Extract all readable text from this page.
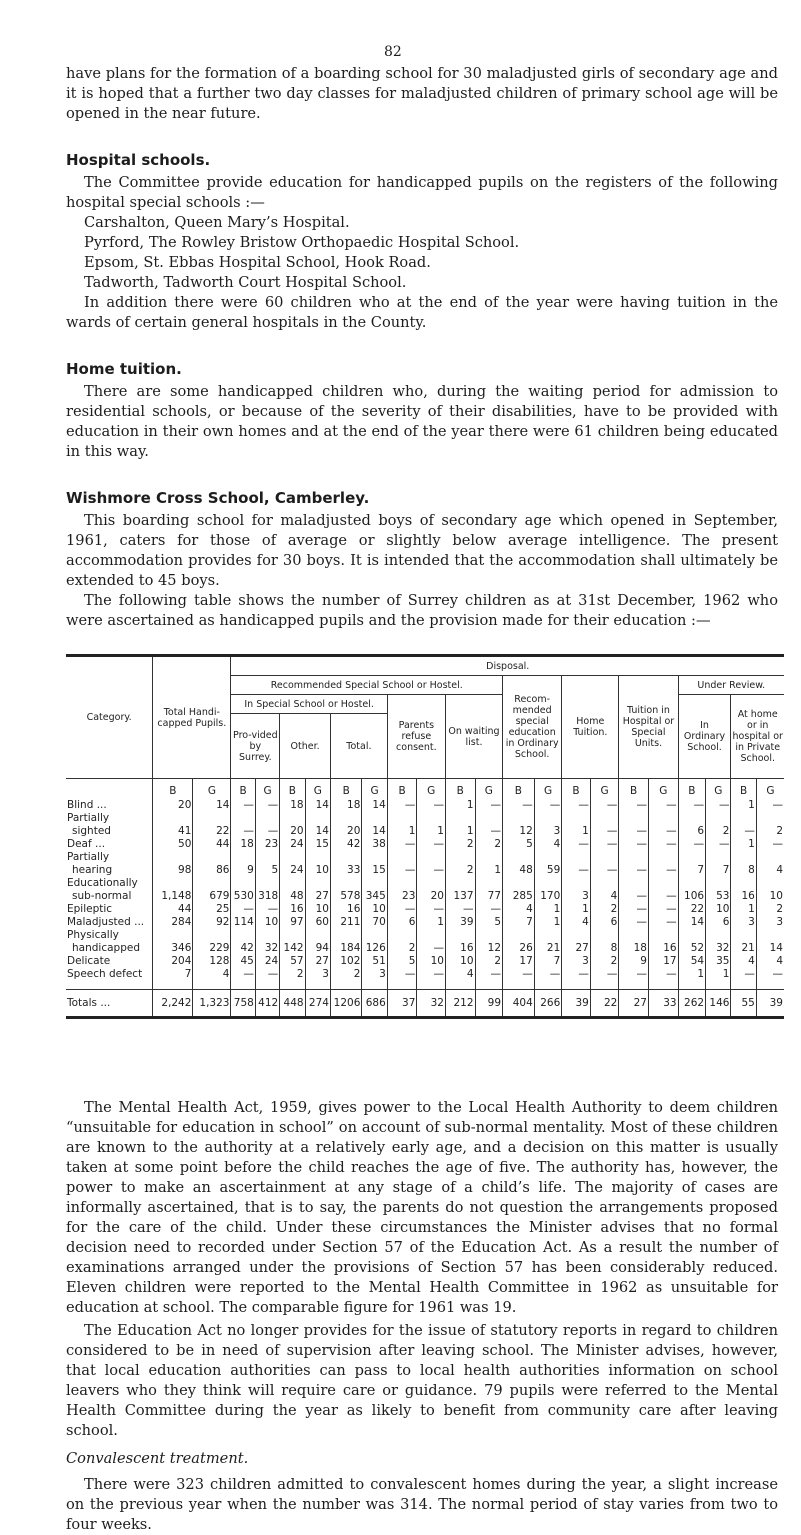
82

have plans for the formation of a boarding school for 30 maladjusted girls of secondary age and it is hoped that a further two day classes for maladjusted children of primary school age will be opened in the near future.

Hospital schools.

The Committee provide education for handicapped pupils on the registers of the following hospital special schools :—

Carshalton, Queen Mary’s Hospital.
Pyrford, The Rowley Bristow Orthopaedic Hospital School.
Epsom, St. Ebbas Hospital School, Hook Road.
Tadworth, Tadworth Court Hospital School.

In addition there were 60 children who at the end of the year were having tuition in the wards of certain general hospitals in the County.

Home tuition.

There are some handicapped children who, during the waiting period for admission to residential schools, or because of the severity of their disabilities, have to be provided with education in their own homes and at the end of the year there were 61 children being educated in this way.

Wishmore Cross School, Camberley.

This boarding school for maladjusted boys of secondary age which opened in September, 1961, caters for those of average or slightly below average intelligence. The present accommodation provides for 30 boys. It is intended that the accommodation shall ultimately be extended to 45 boys.

The following table shows the number of Surrey children as at 31st December, 1962 who were ascertained as handicapped pupils and the provision made for their education :—

Category.	Total Handi-capped Pupils.		Disposal.																			
			Recommended Special School or Hostel.										Recom-mended special education in Ordinary School.		Home Tuition.		Tuition in Hospital or Special Units.		Under Review.			
			In Special School or Hostel.						Parents refuse consent.		On waiting list.								In Ordinary School.		At home or in hospital or in Private School.	
			Pro-vided by Surrey.		Other.		Total.															
	B	G	B	G	B	G	B	G	B	G	B	G	B	G	B	G	B	G	B	G	B	G
Blind ...	20	14	—	—	18	14	18	14	—	—	1	—	—	—	—	—	—	—	—	—	1	—
Partially																						
sighted	41	22	—	—	20	14	20	14	1	1	1	—	12	3	1	—	—	—	6	2	—	2
Deaf ...	50	44	18	23	24	15	42	38	—	—	2	2	5	4	—	—	—	—	—	—	1	—
Partially																						
hearing	98	86	9	5	24	10	33	15	—	—	2	1	48	59	—	—	—	—	7	7	8	4
Educationally																						
sub-normal	1,148	679	530	318	48	27	578	345	23	20	137	77	285	170	3	4	—	—	106	53	16	10
Epileptic	44	25	—	—	16	10	16	10	—	—	—	—	4	1	1	2	—	—	22	10	1	2
Maladjusted ...	284	92	114	10	97	60	211	70	6	1	39	5	7	1	4	6	—	—	14	6	3	3
Physically																						
handicapped	346	229	42	32	142	94	184	126	2	—	16	12	26	21	27	8	18	16	52	32	21	14
Delicate	204	128	45	24	57	27	102	51	5	10	10	2	17	7	3	2	9	17	54	35	4	4
Speech defect	7	4	—	—	2	3	2	3	—	—	4	—	—	—	—	—	—	—	1	1	—	—

Totals ...	2,242	1,323	758	412	448	274	1206	686	37	32	212	99	404	266	39	22	27	33	262	146	55	39

The Mental Health Act, 1959, gives power to the Local Health Authority to deem children “unsuitable for education in school” on account of sub-normal mentality. Most of these children are known to the authority at a relatively early age, and a decision on this matter is usually taken at some point before the child reaches the age of five. The authority has, however, the power to make an ascertainment at any stage of a child’s life. The majority of cases are informally ascertained, that is to say, the parents do not question the arrangements proposed for the care of the child. Under these circumstances the Minister advises that no formal decision need to recorded under Section 57 of the Education Act. As a result the number of examinations arranged under the provisions of Section 57 has been considerably reduced. Eleven children were reported to the Mental Health Committee in 1962 as unsuitable for education at school. The comparable figure for 1961 was 19.

The Education Act no longer provides for the issue of statutory reports in regard to children considered to be in need of supervision after leaving school. The Minister advises, however, that local education authorities can pass to local health authorities information on school leavers who they think will require care or guidance. 79 pupils were referred to the Mental Health Committee during the year as likely to benefit from community care after leaving school.

Convalescent treatment.

There were 323 children admitted to convalescent homes during the year, a slight increase on the previous year when the number was 314. The normal period of stay varies from two to four weeks.
